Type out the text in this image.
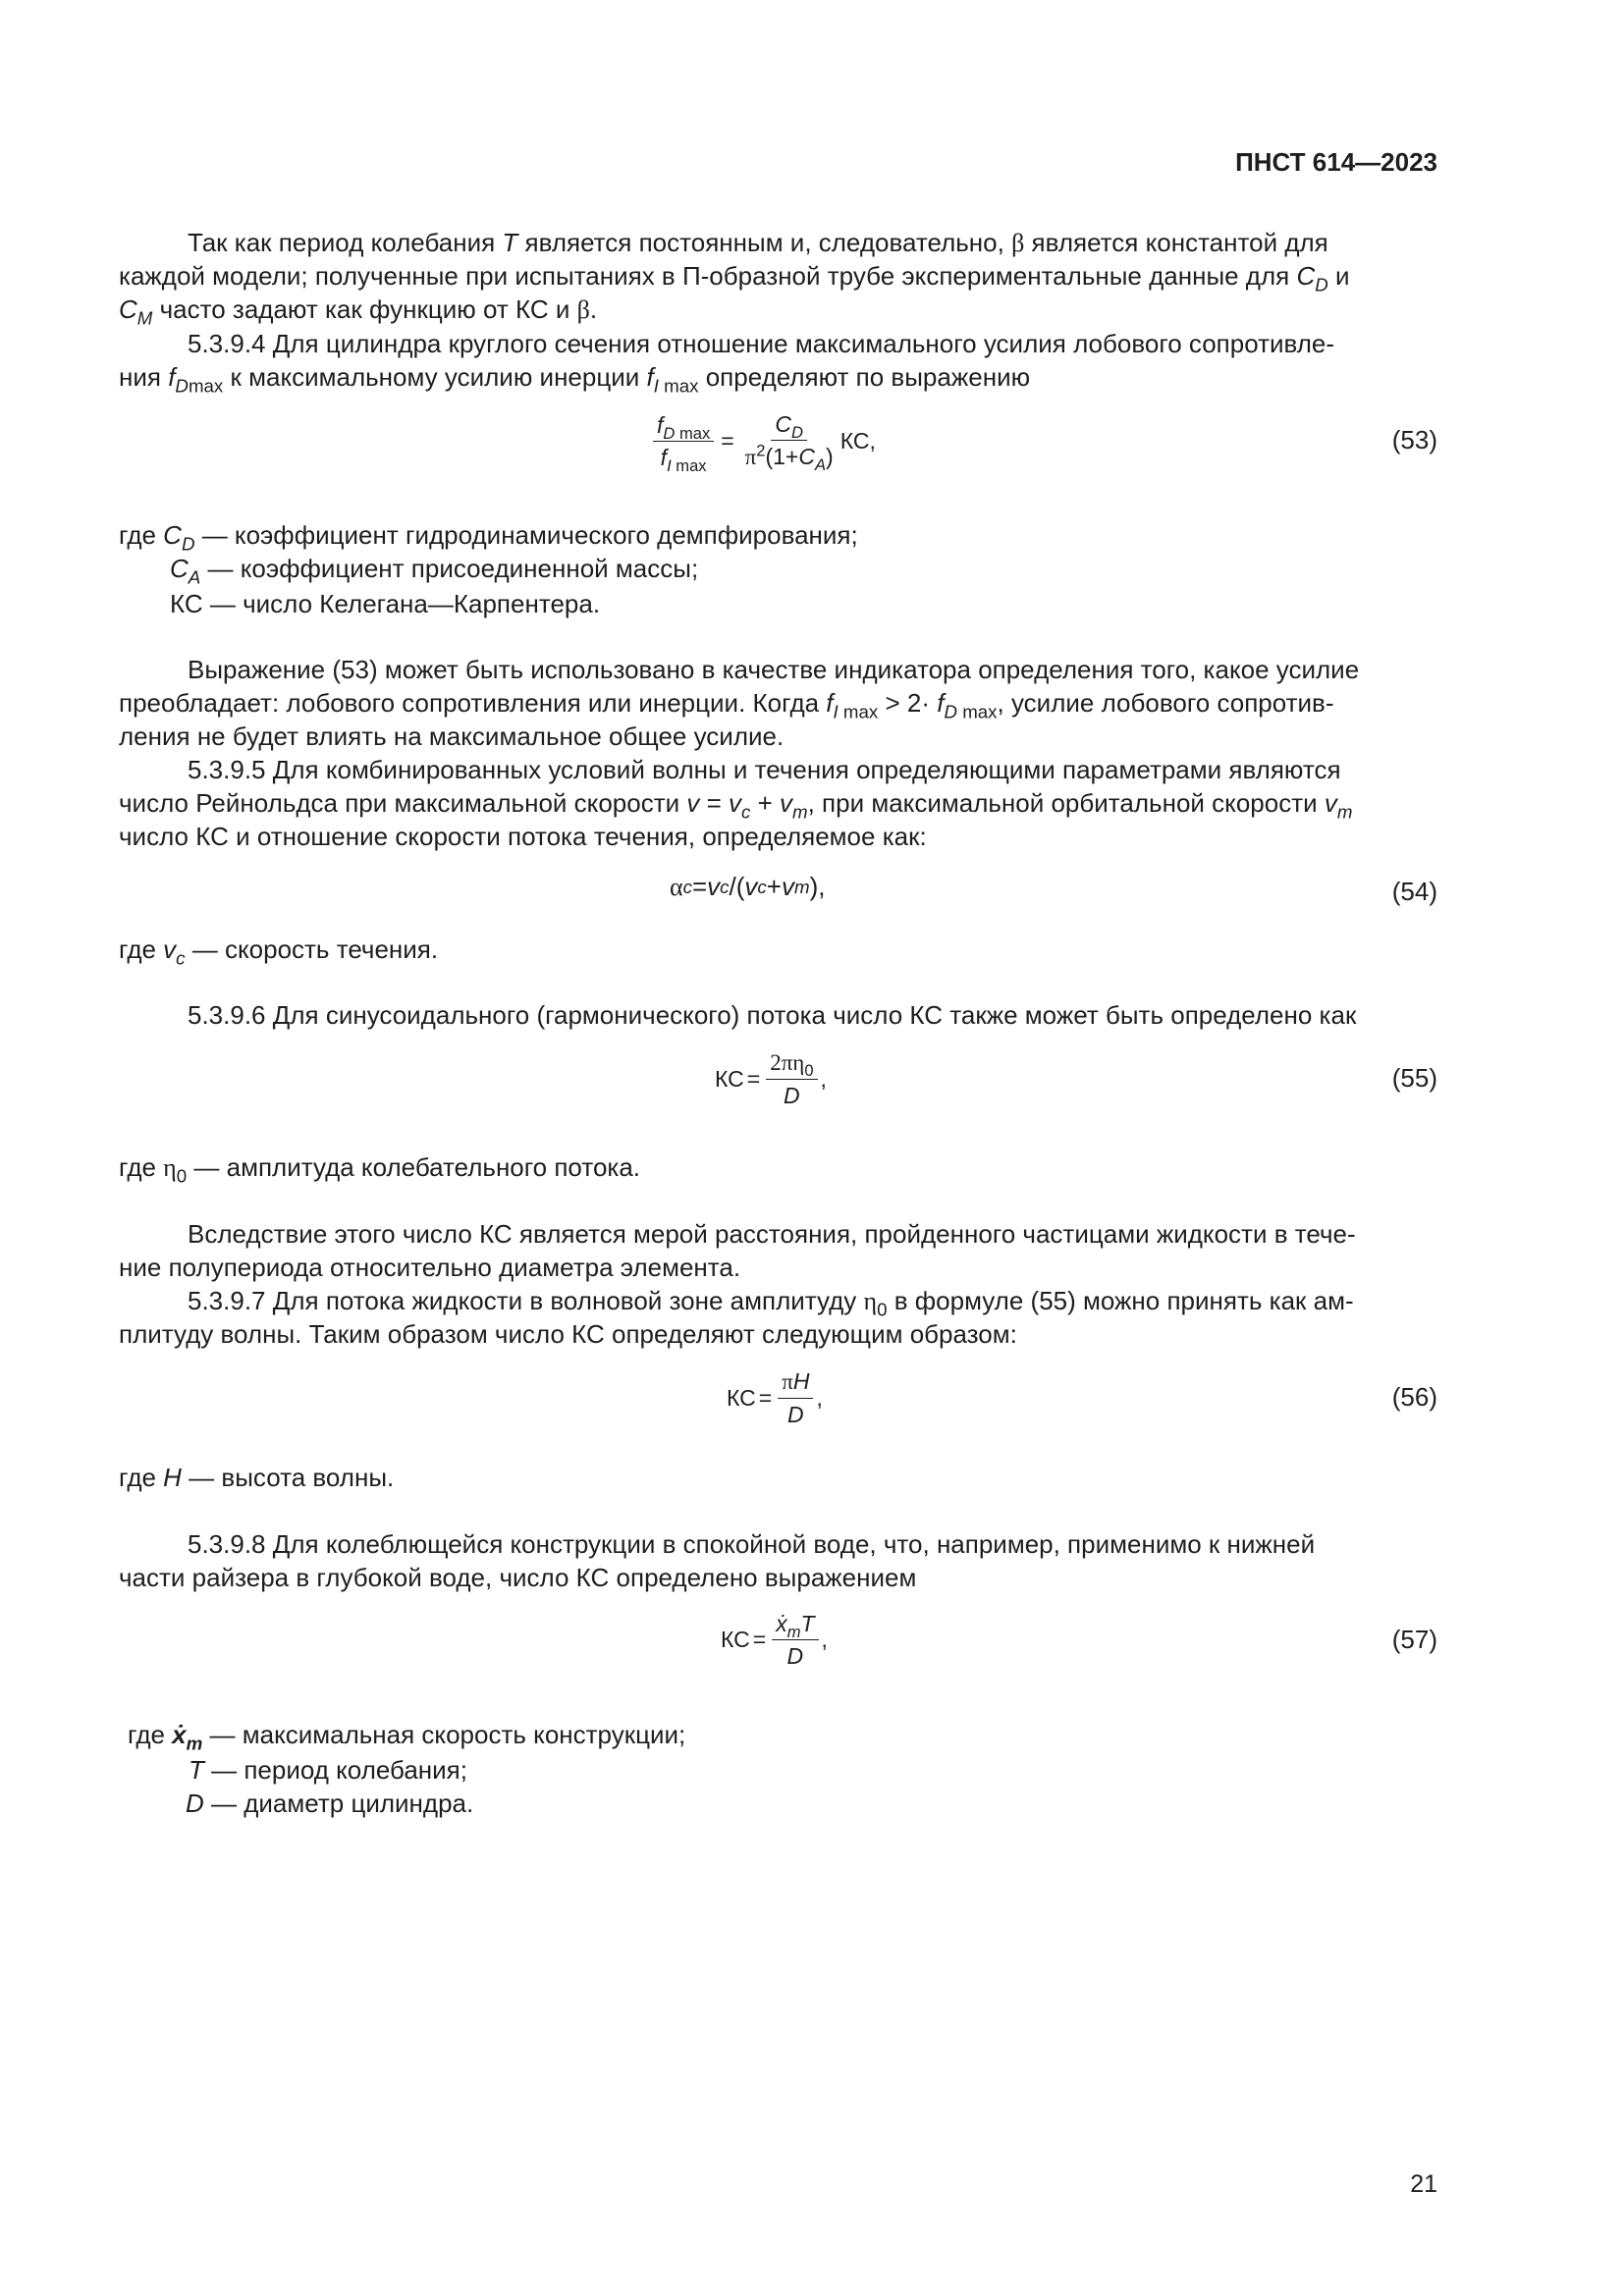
ПНСТ 614—2023
Так как период колебания T является постоянным и, следовательно, β является константой для
каждой модели; полученные при испытаниях в П-образной трубе экспериментальные данные для $C_D$ и
$C_M$ часто задают как функцию от КС и β.
5.3.9.4 Для цилиндра круглого сечения отношение максимального усилия лобового сопротивле-
ния $f_{Dmax}$ к максимальному усилию инерции $f_{I max}$ определяют по выражению
$\frac{f_{D max}}{f_{I max}} = \frac{C_D}{\pi^2(1+C_A)}$ КС,	(53)
где $C_D$ — коэффициент гидродинамического демпфирования;
$C_A$ — коэффициент присоединенной массы;
КС — число Келегана—Карпентера.
Выражение (53) может быть использовано в качестве индикатора определения того, какое усилие
преобладает: лобового сопротивления или инерции. Когда $f_{I max} > 2\cdot f_{D max}$, усилие лобового сопротив-
ления не будет влиять на максимальное общее усилие.
5.3.9.5 Для комбинированных условий волны и течения определяющими параметрами являются
число Рейнольдса при максимальной скорости $v = v_c + v_m$, при максимальной орбитальной скорости $v_m$
число КС и отношение скорости потока течения, определяемое как:
α c = v c /( v c + v m ),	(54)
где $v_c$ — скорость течения.
5.3.9.6 Для синусоидального (гармонического) потока число КС также может быть определено как
КС = $\frac{2\pi\eta_0}{D}$ ,	(55)
где $\eta_0$ — амплитуда колебательного потока.
Вследствие этого число КС является мерой расстояния, пройденного частицами жидкости в тече-
ние полупериода относительно диаметра элемента.
5.3.9.7 Для потока жидкости в волновой зоне амплитуду $\eta_0$ в формуле (55) можно принять как ам-
плитуду волны. Таким образом число КС определяют следующим образом:
КС = $\frac{\pi H}{D}$ ,	(56)
где H — высота волны.
5.3.9.8 Для колеблющейся конструкции в спокойной воде, что, например, применимо к нижней
части райзера в глубокой воде, число КС определено выражением
КС = $\frac{ẋ_mT}{D}$ ,	(57)
где ẋ$_m$ — максимальная скорость конструкции;
T — период колебания;
D — диаметр цилиндра.
21
